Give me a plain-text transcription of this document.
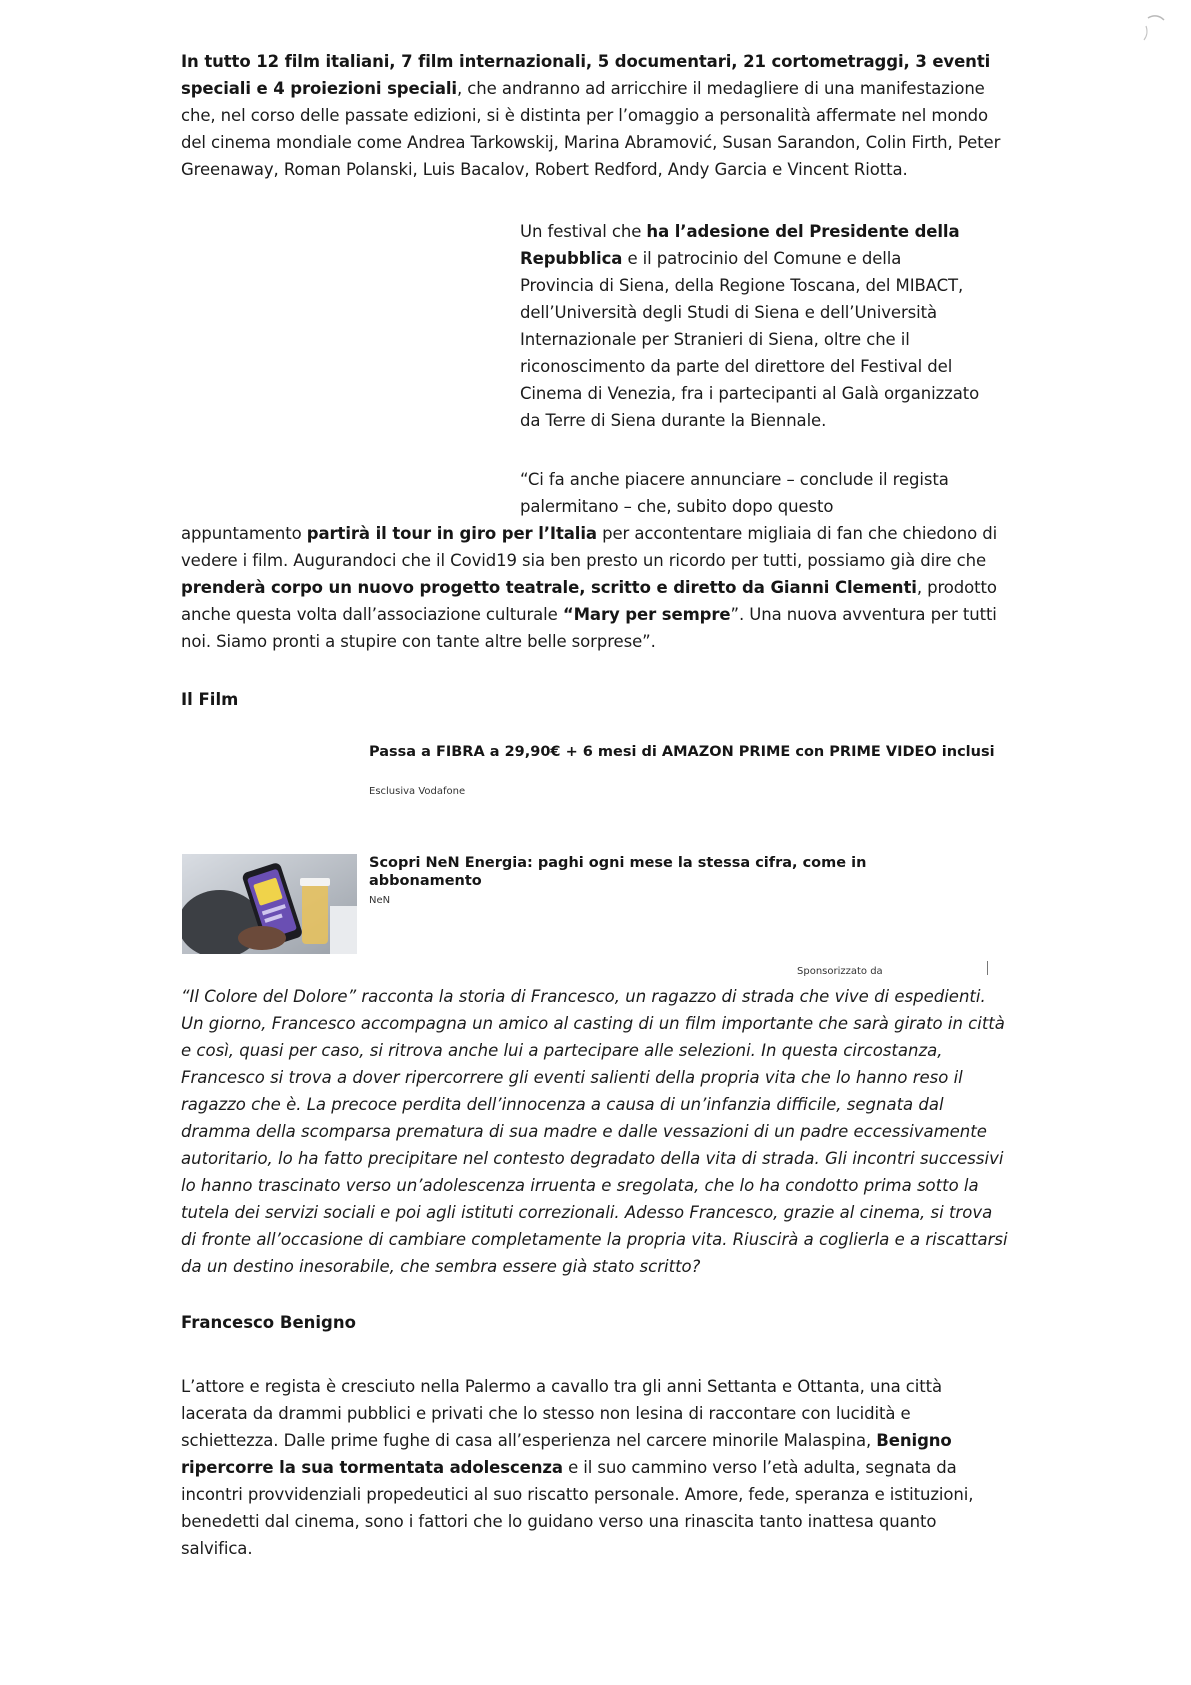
In tutto 12 film italiani, 7 film internazionali, 5 documentari, 21 cortometraggi, 3 eventi speciali e 4 proiezioni speciali, che andranno ad arricchire il medagliere di una manifestazione che, nel corso delle passate edizioni, si è distinta per l’omaggio a personalità affermate nel mondo del cinema mondiale come Andrea Tarkowskij, Marina Abramović, Susan Sarandon, Colin Firth, Peter Greenaway, Roman Polanski, Luis Bacalov, Robert Redford, Andy Garcia e Vincent Riotta.

Un festival che ha l’adesione del Presidente della Repubblica e il patrocinio del Comune e della Provincia di Siena, della Regione Toscana, del MIBACT, dell’Università degli Studi di Siena e dell’Università Internazionale per Stranieri di Siena, oltre che il riconoscimento da parte del direttore del Festival del Cinema di Venezia, fra i partecipanti al Galà organizzato da Terre di Siena durante la Biennale.

“Ci fa anche piacere annunciare – conclude il regista palermitano – che, subito dopo questo

appuntamento partirà il tour in giro per l’Italia per accontentare migliaia di fan che chiedono di vedere i film. Augurandoci che il Covid19 sia ben presto un ricordo per tutti, possiamo già dire che prenderà corpo un nuovo progetto teatrale, scritto e diretto da Gianni Clementi, prodotto anche questa volta dall’associazione culturale “Mary per sempre”. Una nuova avventura per tutti noi. Siamo pronti a stupire con tante altre belle sorprese”.

Il Film

Passa a FIBRA a 29,90€ + 6 mesi di AMAZON PRIME con PRIME VIDEO inclusi

Esclusiva Vodafone

Scopri NeN Energia: paghi ogni mese la stessa cifra, come in abbonamento

NeN

Sponsorizzato da

“Il Colore del Dolore” racconta la storia di Francesco, un ragazzo di strada che vive di espedienti. Un giorno, Francesco accompagna un amico al casting di un film importante che sarà girato in città e così, quasi per caso, si ritrova anche lui a partecipare alle selezioni. In questa circostanza, Francesco si trova a dover ripercorrere gli eventi salienti della propria vita che lo hanno reso il ragazzo che è. La precoce perdita dell’innocenza a causa di un’infanzia difficile, segnata dal dramma della scomparsa prematura di sua madre e dalle vessazioni di un padre eccessivamente autoritario, lo ha fatto precipitare nel contesto degradato della vita di strada. Gli incontri successivi lo hanno trascinato verso un’adolescenza irruenta e sregolata, che lo ha condotto prima sotto la tutela dei servizi sociali e poi agli istituti correzionali. Adesso Francesco, grazie al cinema, si trova di fronte all’occasione di cambiare completamente la propria vita. Riuscirà a coglierla e a riscattarsi da un destino inesorabile, che sembra essere già stato scritto?

Francesco Benigno

L’attore e regista è cresciuto nella Palermo a cavallo tra gli anni Settanta e Ottanta, una città lacerata da drammi pubblici e privati che lo stesso non lesina di raccontare con lucidità e schiettezza. Dalle prime fughe di casa all’esperienza nel carcere minorile Malaspina, Benigno ripercorre la sua tormentata adolescenza e il suo cammino verso l’età adulta, segnata da incontri provvidenziali propedeutici al suo riscatto personale. Amore, fede, speranza e istituzioni, benedetti dal cinema, sono i fattori che lo guidano verso una rinascita tanto inattesa quanto salvifica.
